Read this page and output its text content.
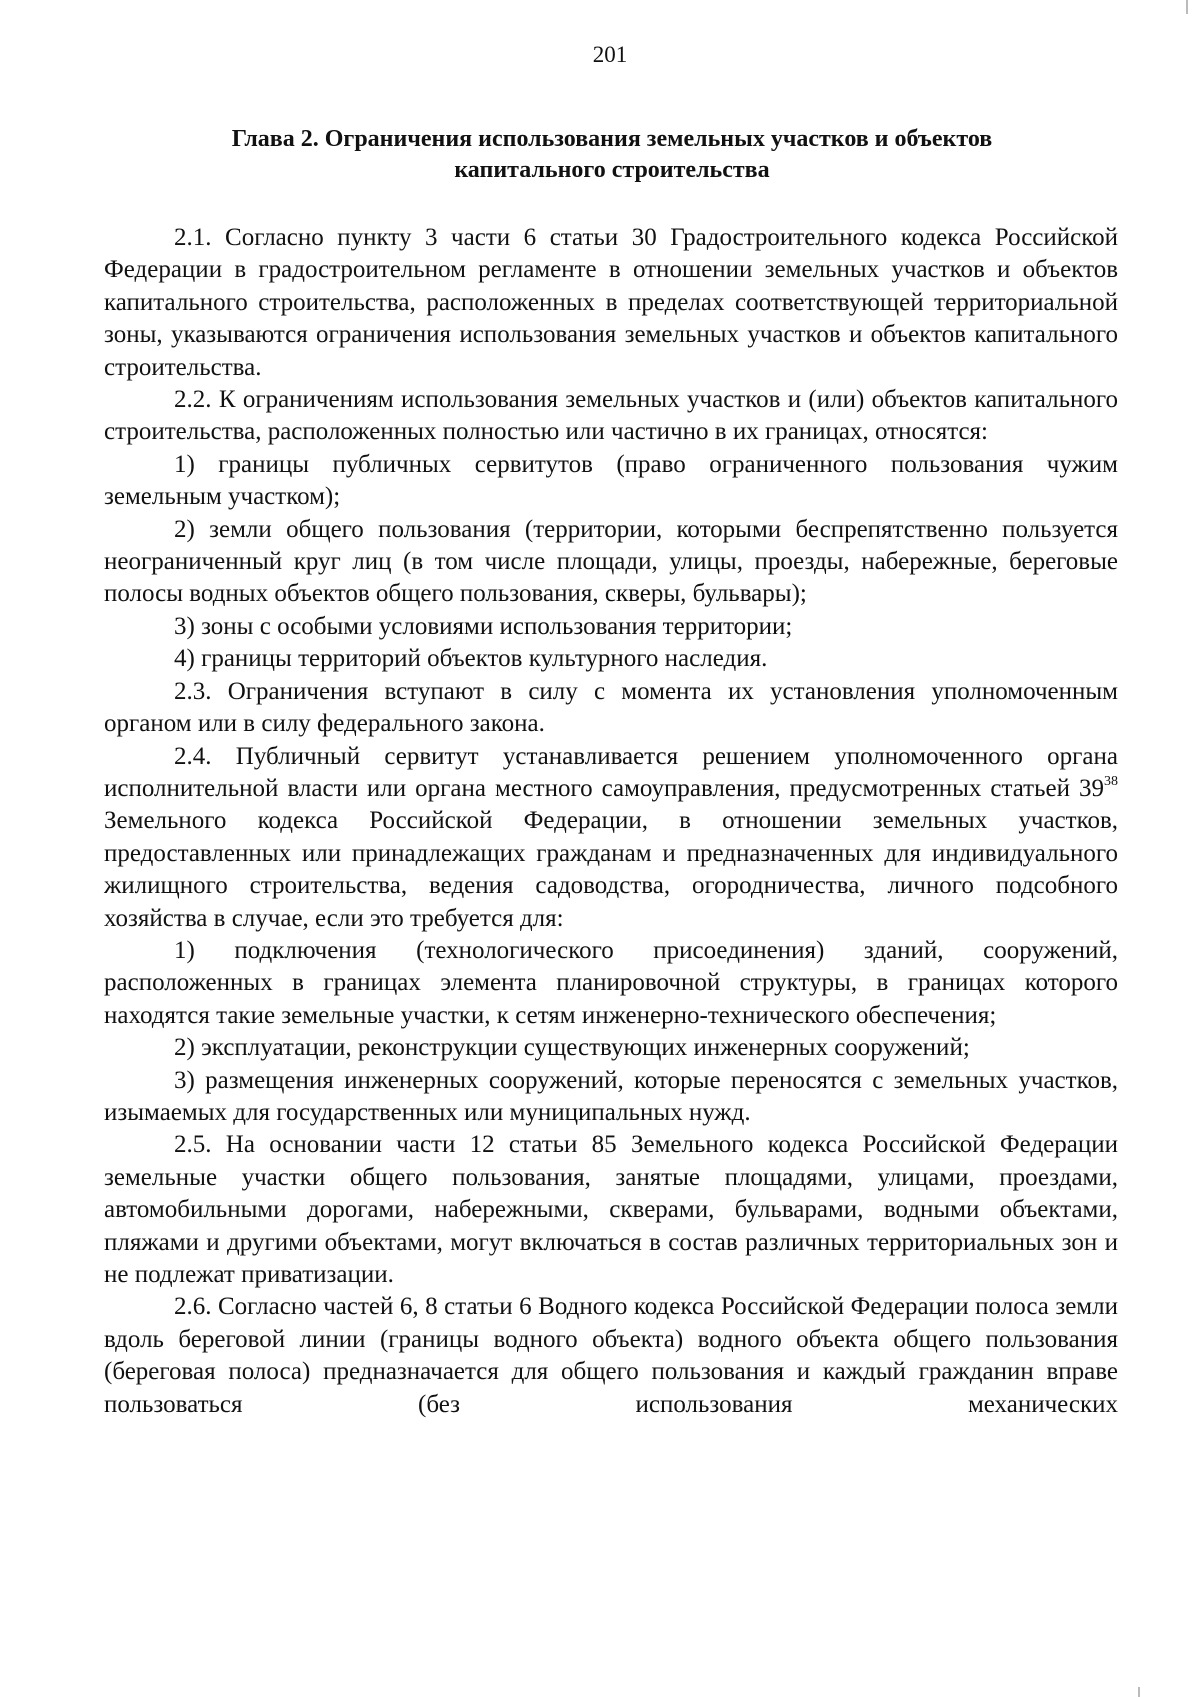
201
Глава 2. Ограничения использования земельных участков и объектов
капитального строительства

2.1. Согласно пункту 3 части 6 статьи 30 Градостроительного кодекса Российской Федерации в градостроительном регламенте в отношении земельных участков и объектов капитального строительства, расположенных в пределах соответствующей территориальной зоны, указываются ограничения использования земельных участков и объектов капитального строительства.

2.2. К ограничениям использования земельных участков и (или) объектов капитального строительства, расположенных полностью или частично в их границах, относятся:

1) границы публичных сервитутов (право ограниченного пользования чужим земельным участком);

2) земли общего пользования (территории, которыми беспрепятственно пользуется неограниченный круг лиц (в том числе площади, улицы, проезды, набережные, береговые полосы водных объектов общего пользования, скверы, бульвары);

3) зоны с особыми условиями использования территории;

4) границы территорий объектов культурного наследия.

2.3. Ограничения вступают в силу с момента их установления уполномоченным органом или в силу федерального закона.

2.4. Публичный сервитут устанавливается решением уполномоченного органа исполнительной власти или органа местного самоуправления, предусмотренных статьей $39^{38}$ Земельного кодекса Российской Федерации, в отношении земельных участков, предоставленных или принадлежащих гражданам и предназначенных для индивидуального жилищного строительства, ведения садоводства, огородничества, личного подсобного хозяйства в случае, если это требуется для:

1) подключения (технологического присоединения) зданий, сооружений, расположенных в границах элемента планировочной структуры, в границах которого находятся такие земельные участки, к сетям инженерно-технического обеспечения;

2) эксплуатации, реконструкции существующих инженерных сооружений;

3) размещения инженерных сооружений, которые переносятся с земельных участков, изымаемых для государственных или муниципальных нужд.

2.5. На основании части 12 статьи 85 Земельного кодекса Российской Федерации земельные участки общего пользования, занятые площадями, улицами, проездами, автомобильными дорогами, набережными, скверами, бульварами, водными объектами, пляжами и другими объектами, могут включаться в состав различных территориальных зон и не подлежат приватизации.

2.6. Согласно частей 6, 8 статьи 6 Водного кодекса Российской Федерации полоса земли вдоль береговой линии (границы водного объекта) водного объекта общего пользования (береговая полоса) предназначается для общего пользования и каждый гражданин вправе пользоваться (без использования механических
